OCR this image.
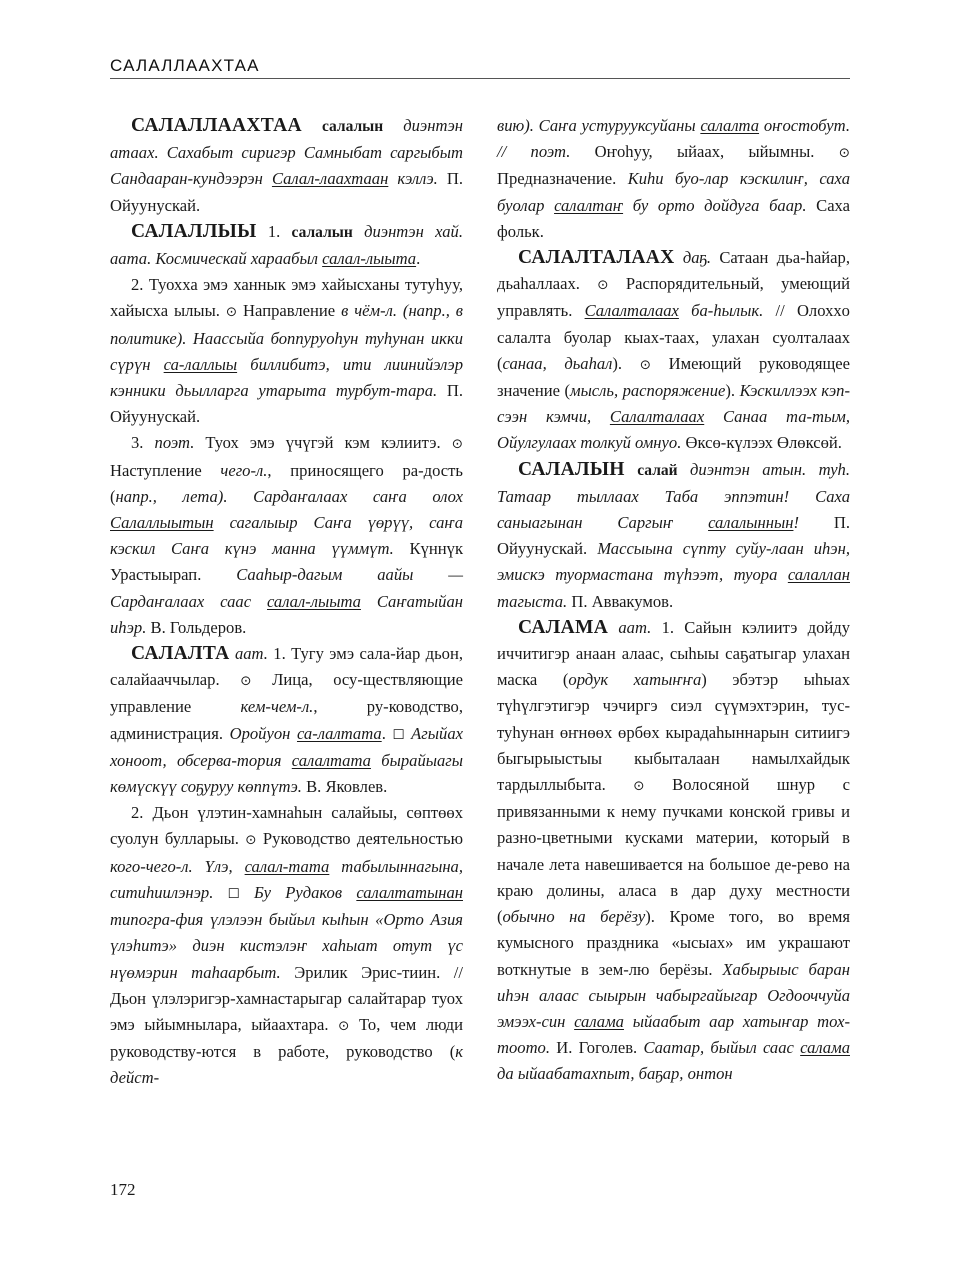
САЛАЛЛААХТАА

САЛАЛЛААХТАА салалын диэнтэн атаах. Сахабыт сиригэр Самныбат саргыбыт Сандааран-кундээрэн Салал-лаахтаан кэллэ. П. Ойуунускай.

САЛАЛЛЫЫ 1. салалын диэнтэн хай. аата. Космическай хараабыл салал-лыыта.

2. Туохха эмэ ханнык эмэ хайысханы тутуһуу, хайысха ылыы. ⊙ Направление в чём-л. (напр., в политике). Наассыйа боппуруоһун туһунан икки сүрүн са-лаллыы биллибитэ, ити лиинийэлэр кэнники дьылларга утарыта турбут-тара. П. Ойуунускай.

3. поэт. Туох эмэ үчүгэй кэм кэлиитэ. ⊙ Наступление чего-л., приносящего ра-дость (напр., лета). Сардаҥалаах саҥа олох Салаллыытын сагалыыр Саҥа үөрүү, саҥа кэскил Саҥа күнэ манна үүммүт. Күннүк Урастыырап. Сааһыр-дагым аайы — Сардаҥалаах саас салал-лыыта Саҥатыйан иһэр. В. Гольдеров.

САЛАЛТА аат. 1. Тугу эмэ сала-йар дьон, салайааччылар. ⊙ Лица, осу-ществляющие управление кем-чем-л., ру-ководство, администрация. Оройуон са-лалтата. ☐ Агыйах хоноот, обсерва-тория салалтата бырайыагы көмүскүү соҕуруу көппүтэ. В. Яковлев.

2. Дьон үлэтин-хамнаһын салайыы, сөптөөх суолун булларыы. ⊙ Руководство деятельностью кого-чего-л. Үлэ, салал-тата табылыннагына, ситиһиилэнэр. ☐ Бу Рудаков салалтатынан типогра-фия үлэлээн быйыл кыһын «Орто Азия үлэһитэ» диэн кистэлэҥ хаһыат отут үс нүөмэрин таһаарбыт. Эрилик Эрис-тиин. // Дьон үлэлэригэр-хамнастарыгар салайтарар туох эмэ ыйымнылара, ыйаахтара. ⊙ То, чем люди руководству-ются в работе, руководство (к дейст-

вию). Саҥа устурууксуйаны салалта оҥостобут. // поэт. Оҥоһуу, ыйаах, ыйымны. ⊙ Предназначение. Киһи буо-лар кэскилиҥ, саха буолар салалтаҥ бу орто дойдуга баар. Саха фольк.

САЛАЛТАЛААХ даҕ. Сатаан дьа-һайар, дьаһаллаах. ⊙ Распорядительный, умеющий управлять. Салалталаах ба-һылык. // Олохxo салалта буолар кыах-таах, улахан суолталаах (санаа, дьаһал). ⊙ Имеющий руководящее значение (мысль, распоряжение). Кэскиллээх кэп-сээн кэмчи, Салалталаах Санаа та-тым, Ойулгулаах толкуй омнуо. Өксө-күлээх Өлөксөй.

САЛАЛЫН салай диэнтэн атын. туһ. Татаар тыллаах Таба эппэтин! Саха саныагынан Саргыҥ салалыннын! П. Ойуунускай. Массыына сүпту суйу-лаан иһэн, эмискэ туормастана түһээт, туора салаллан тагыста. П. Аввакумов.

САЛАМА аат. 1. Сайын кэлиитэ дойду иччитигэр анаан алаас, сыһыы саҕатыгар улахан маска (ордук хатыҥҥа) эбэтэр ыһыах түһүлгэтигэр чэчиргэ сиэл сүүмэхтэрин, тус-туһунан өҥнөөх өрбөх кырадаһыннарын ситиигэ быгырыыстыы кыбыталаан намылхайдык тардыллыбыта. ⊙ Волосяной шнур с привязанными к нему пучками конской гривы и разно-цветными кусками материи, который в начале лета навешивается на большое де-рево на краю долины, аласа в дар духу местности (обычно на берёзу). Кроме того, во время кумысного праздника «ысыах» им украшают воткнутые в зем-лю берёзы. Хабырыыс баран иһэн алаас сыырын чабыргайыгар Огдооччуйа эмээх-син салама ыйаабыт аар хатыҥар тох-тоото. И. Гоголев. Саатар, быйыл саас салама да ыйаабатахпыт, баҕар, онтон

172
